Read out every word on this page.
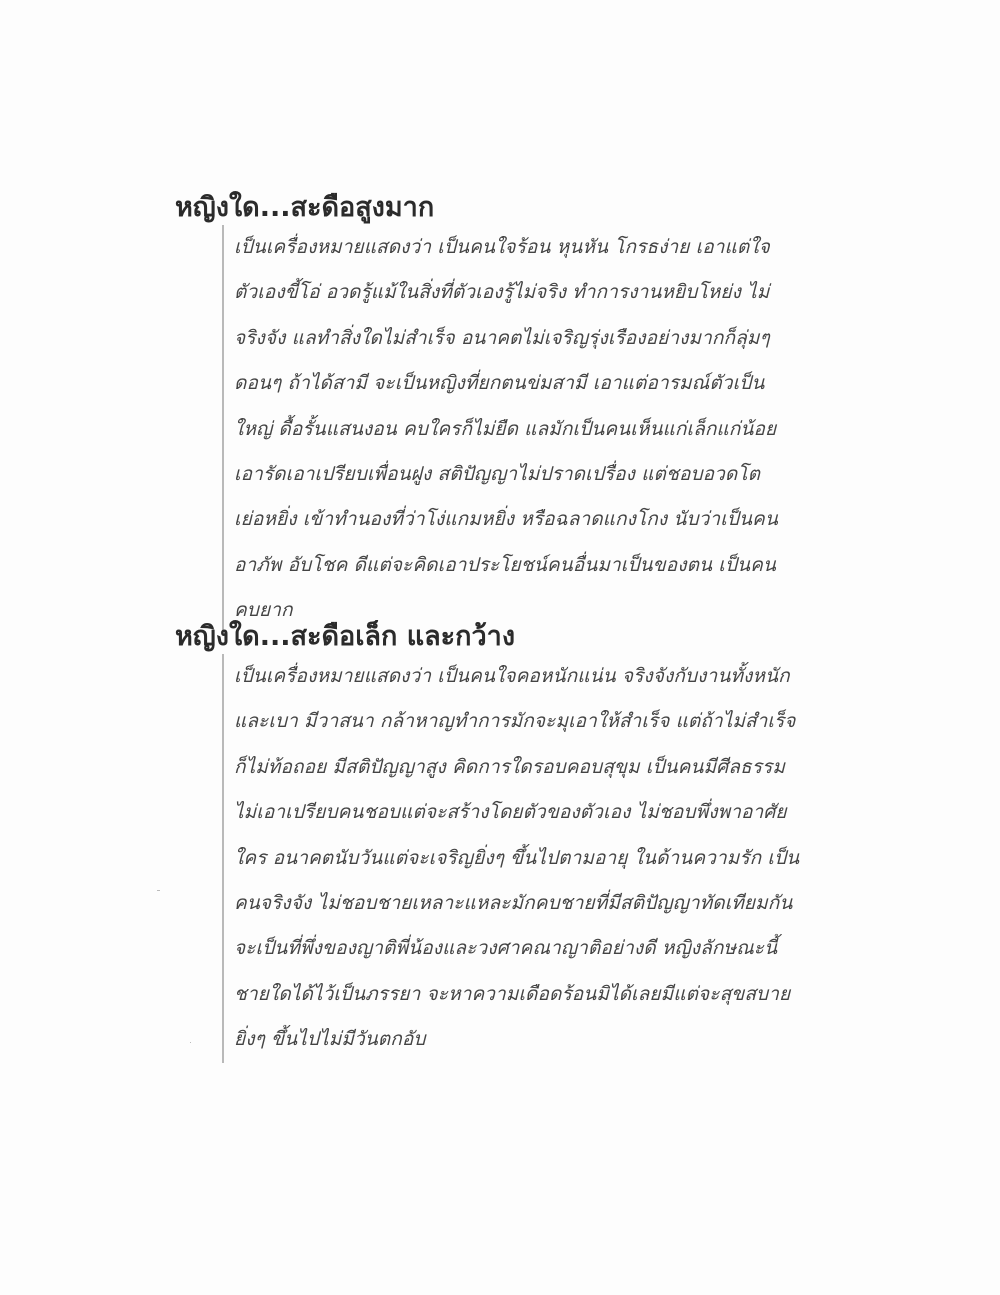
หญิงใด...สะดือสูงมาก
เป็นเครื่องหมายแสดงว่า เป็นคนใจร้อน หุนหัน โกรธง่าย เอาแต่ใจ
ตัวเองขี้โอ่ อวดรู้แม้ในสิ่งที่ตัวเองรู้ไม่จริง ทำการงานหยิบโหย่ง ไม่
จริงจัง แลทำสิ่งใดไม่สำเร็จ อนาคตไม่เจริญรุ่งเรืองอย่างมากก็ลุ่มๆ
ดอนๆ ถ้าได้สามี จะเป็นหญิงที่ยกตนข่มสามี เอาแต่อารมณ์ตัวเป็น
ใหญ่ ดื้อรั้นแสนงอน คบใครก็ไม่ยืด แลมักเป็นคนเห็นแก่เล็กแก่น้อย
เอารัดเอาเปรียบเพื่อนฝูง สติปัญญาไม่ปราดเปรื่อง แต่ชอบอวดโต
เย่อหยิ่ง เข้าทำนองที่ว่าโง่แกมหยิ่ง หรือฉลาดแกงโกง นับว่าเป็นคน
อาภัพ อับโชค ดีแต่จะคิดเอาประโยชน์คนอื่นมาเป็นของตน เป็นคน
คบยาก
หญิงใด...สะดือเล็ก และกว้าง
เป็นเครื่องหมายแสดงว่า เป็นคนใจคอหนักแน่น จริงจังกับงานทั้งหนัก
และเบา มีวาสนา กล้าหาญทำการมักจะมุเอาให้สำเร็จ แต่ถ้าไม่สำเร็จ
ก็ไม่ท้อถอย มีสติปัญญาสูง คิดการใดรอบคอบสุขุม เป็นคนมีศีลธรรม
ไม่เอาเปรียบคนชอบแต่จะสร้างโดยตัวของตัวเอง ไม่ชอบพึ่งพาอาศัย
ใคร อนาคตนับวันแต่จะเจริญยิ่งๆ ขึ้นไปตามอายุ ในด้านความรัก เป็น
คนจริงจัง ไม่ชอบชายเหลาะแหละมักคบชายที่มีสติปัญญาทัดเทียมกัน
จะเป็นที่พึ่งของญาติพี่น้องและวงศาคณาญาติอย่างดี หญิงลักษณะนี้
ชายใดได้ไว้เป็นภรรยา จะหาความเดือดร้อนมิได้เลยมีแต่จะสุขสบาย
ยิ่งๆ ขึ้นไปไม่มีวันตกอับ
